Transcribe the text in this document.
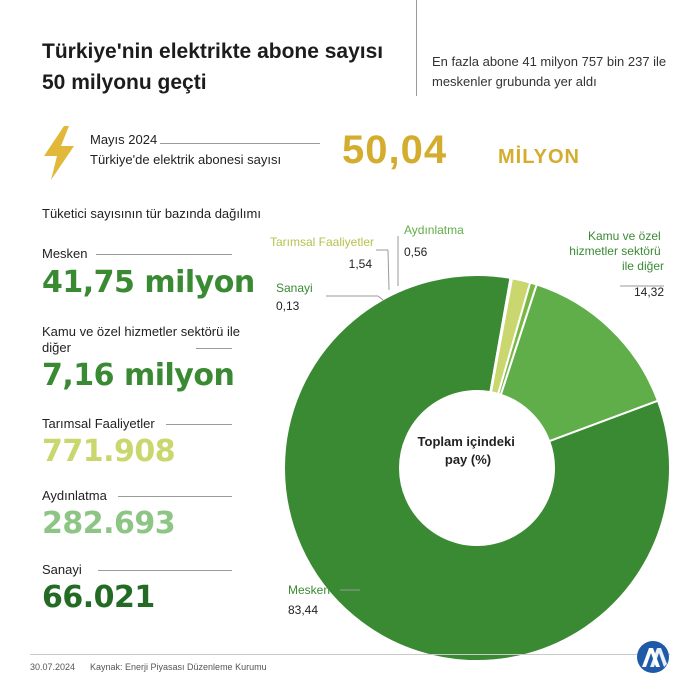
Türkiye'nin elektrikte abone sayısı 50 milyonu geçti
En fazla abone 41 milyon 757 bin 237 ile meskenler grubunda yer aldı
Mayıs 2024
Türkiye'de elektrik abonesi sayısı 50,04	MİLYON
Tüketici sayısının tür bazında dağılımı
Mesken
41,75 milyon
Kamu ve özel hizmetler sektörü ile diğer
7,16 milyon
Tarımsal Faaliyetler
771.908
Aydınlatma
282.693
Sanayi
66.021
Toplam içindeki pay (%)
Sanayi
0,13
Tarımsal Faaliyetler
1,54
Aydınlatma
0,56
Kamu ve özel hizmetler sektörü ile diğer
14,32
Mesken
83,44
30.07.2024 Kaynak: Enerji Piyasası Düzenleme Kurumu
